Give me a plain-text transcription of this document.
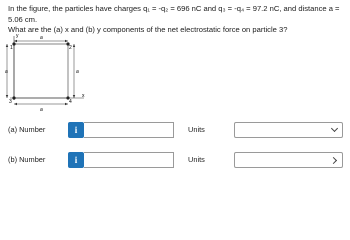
In the figure, the particles have charges q₁ = -q₂ = 696 nC and q₃ = -q₄ = 97.2 nC, and distance a = 5.06 cm.
What are the (a) x and (b) y components of the net electrostatic force on particle 3?

y
x
a
a
a
a
1	2
3	4
(a) Number	i	Units
(b) Number	i	Units
